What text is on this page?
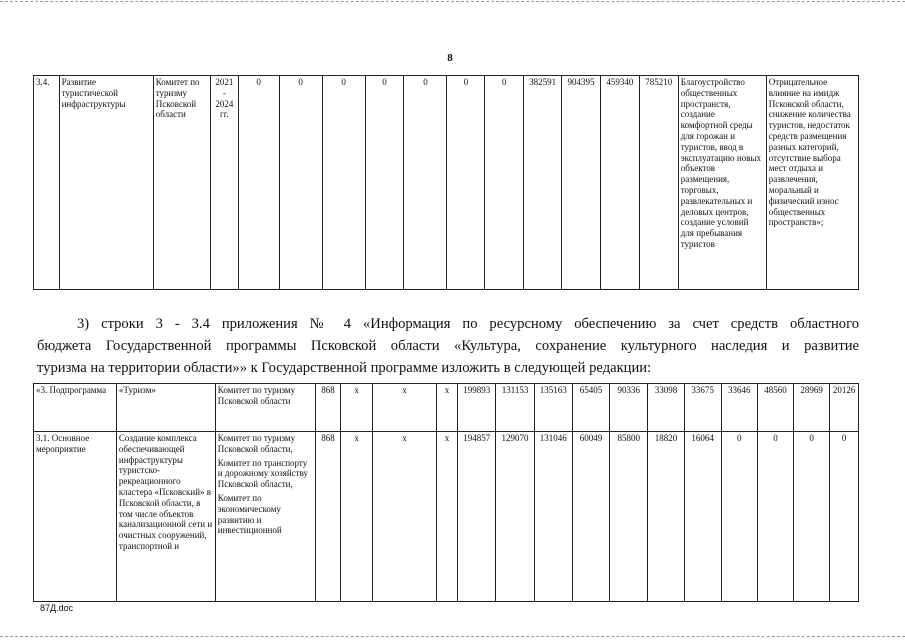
8
3.4.	Развитие туристической инфраструктуры	Комитет по туризму Псковской области	2021 - 2024 гг.	0	0	0	0	0	0	0	382591	904395	459340	785210	Благоустройство общественных пространств, создание комфортной среды для горожан и туристов, ввод в эксплуатацию новых объектов размещения, торговых, развлекательных и деловых центров, создание условий для пребывания туристов	Отрицательное влияние на имидж Псковской области, снижение количества туристов, недостаток средств размещения разных категорий, отсутствие выбора мест отдыха и развлечения, моральный и физический износ общественных пространств»;
3) строки 3 - 3.4 приложения № 4 «Информация по ресурсному обеспечению за счет средств областного
бюджета Государственной программы Псковской области «Культура, сохранение культурного наследия и развитие
туризма на территории области»» к Государственной программе изложить в следующей редакции:
«3. Подпрограмма	«Туризм»	Комитет по туризму Псковской области	868	x	x	x	199893	131153	135163	65405	90336	33098	33675	33646	48560	28969	20126
3.1. Основное мероприятие	Создание комплекса обеспечивающей инфраструктуры туристско-рекреационного кластера «Псковский» в Псковской области, в том числе объектов канализационной сети и очистных сооружений, транспортной и	Комитет по туризму Псковской области,
Комитет по транспорту и дорожному хозяйству Псковской области,
Комитет по экономическому развитию и инвестиционной	868	x	x	x	194857	129070	131046	60049	85800	18820	16064	0	0	0	0
87Д.doc
